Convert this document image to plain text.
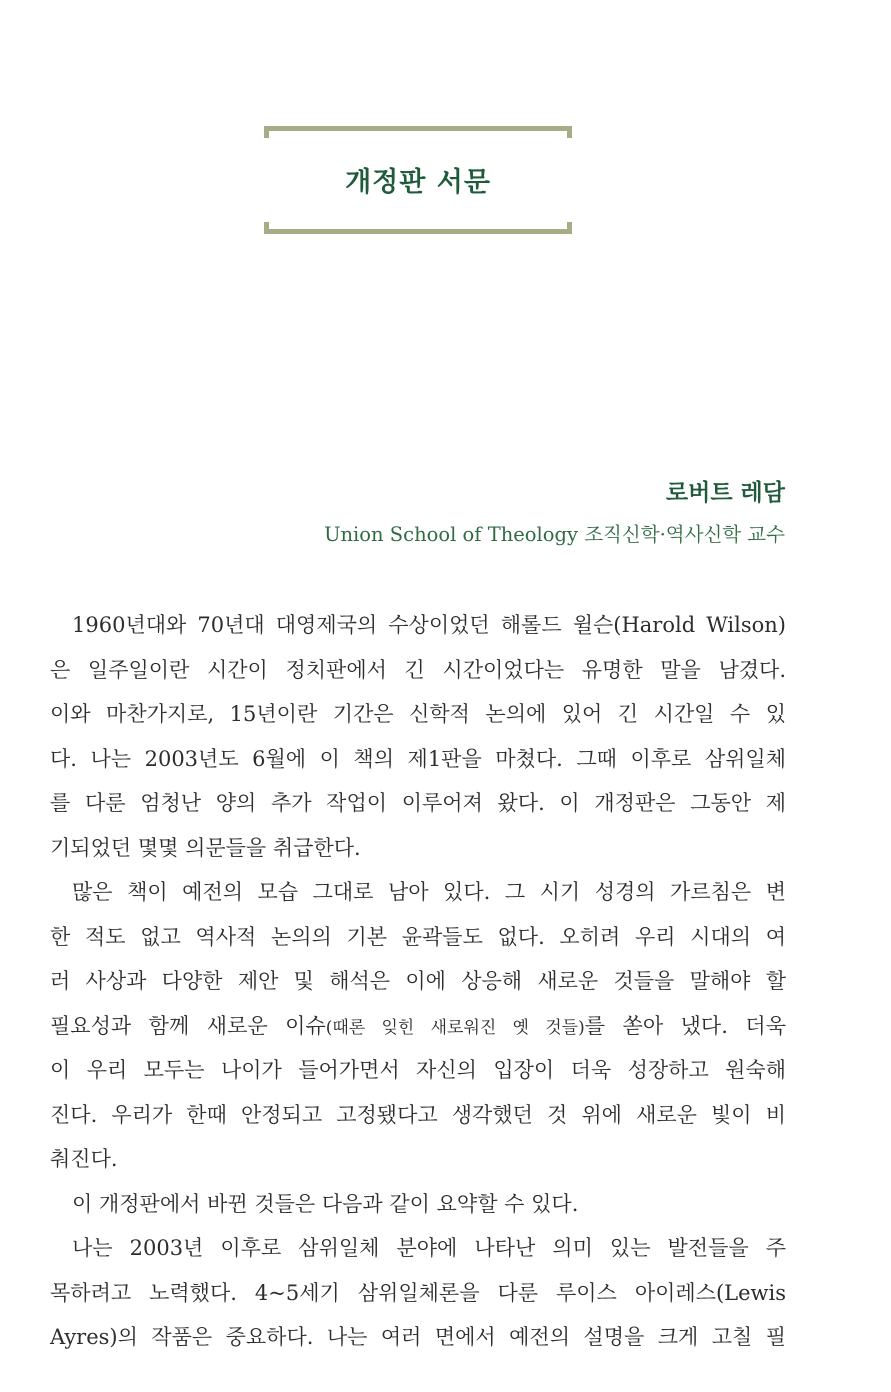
개정판 서문
로버트 레담
Union School of Theology 조직신학·역사신학 교수
1960년대와 70년대 대영제국의 수상이었던 해롤드 윌슨(Harold Wilson)
은 일주일이란 시간이 정치판에서 긴 시간이었다는 유명한 말을 남겼다.
이와 마찬가지로, 15년이란 기간은 신학적 논의에 있어 긴 시간일 수 있
다. 나는 2003년도 6월에 이 책의 제1판을 마쳤다. 그때 이후로 삼위일체
를 다룬 엄청난 양의 추가 작업이 이루어져 왔다. 이 개정판은 그동안 제
기되었던 몇몇 의문들을 취급한다.
많은 책이 예전의 모습 그대로 남아 있다. 그 시기 성경의 가르침은 변
한 적도 없고 역사적 논의의 기본 윤곽들도 없다. 오히려 우리 시대의 여
러 사상과 다양한 제안 및 해석은 이에 상응해 새로운 것들을 말해야 할
필요성과 함께 새로운 이슈(때론 잊힌 새로워진 옛 것들)를 쏟아 냈다. 더욱
이 우리 모두는 나이가 들어가면서 자신의 입장이 더욱 성장하고 원숙해
진다. 우리가 한때 안정되고 고정됐다고 생각했던 것 위에 새로운 빛이 비
춰진다.
이 개정판에서 바뀐 것들은 다음과 같이 요약할 수 있다.
나는 2003년 이후로 삼위일체 분야에 나타난 의미 있는 발전들을 주
목하려고 노력했다. 4~5세기 삼위일체론을 다룬 루이스 아이레스(Lewis
Ayres)의 작품은 중요하다. 나는 여러 면에서 예전의 설명을 크게 고칠 필
